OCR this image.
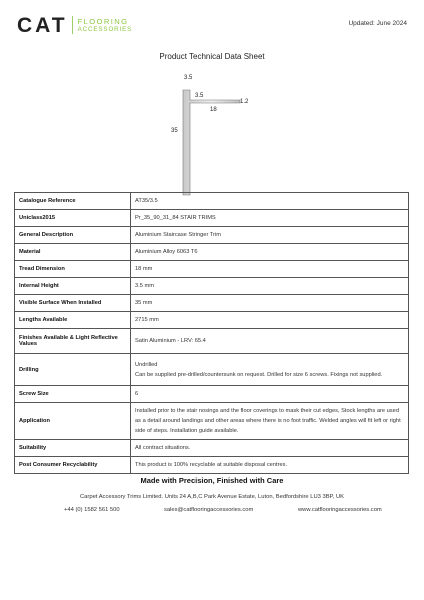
CAT FLOORING
ACCESSORIES
Updated: June 2024
Product Technical Data Sheet
3.5
3.5
1.2
18
35
Catalogue Reference	AT35/3.5
Uniclass2015	Pr_35_90_31_84 STAIR TRIMS
General Description	Aluminium Staircase Stringer Trim
Material	Aluminium Alloy 6063 T6
Tread Dimension	18 mm
Internal Height	3.5 mm
Visible Surface When Installed	35 mm
Lengths Available	2715 mm
Finishes Available & Light Reflective Values	Satin Aluminium - LRV: 65.4
Drilling	Undrilled
Can be supplied pre-drilled/countersunk on request. Drilled for size 6 screws. Fixings not supplied.

Screw Size	6
Application	Installed prior to the stair nosings and the floor coverings to mask their cut edges, Stock lengths are used as a detail around landings and other areas where there is no foot traffic. Welded angles will fit left or right side of steps. Installation guide available.
Suitability	All contract situations.
Post Consumer Recyclability	This product is 100% recyclable at suitable disposal centres.
Made with Precision, Finished with Care
Carpet Accessory Trims Limited. Units 24 A,B,C Park Avenue Estate, Luton, Bedfordshire LU3 3BP, UK
+44 (0) 1582 561 500	sales@catflooringaccessories.com	www.catflooringaccessories.com
